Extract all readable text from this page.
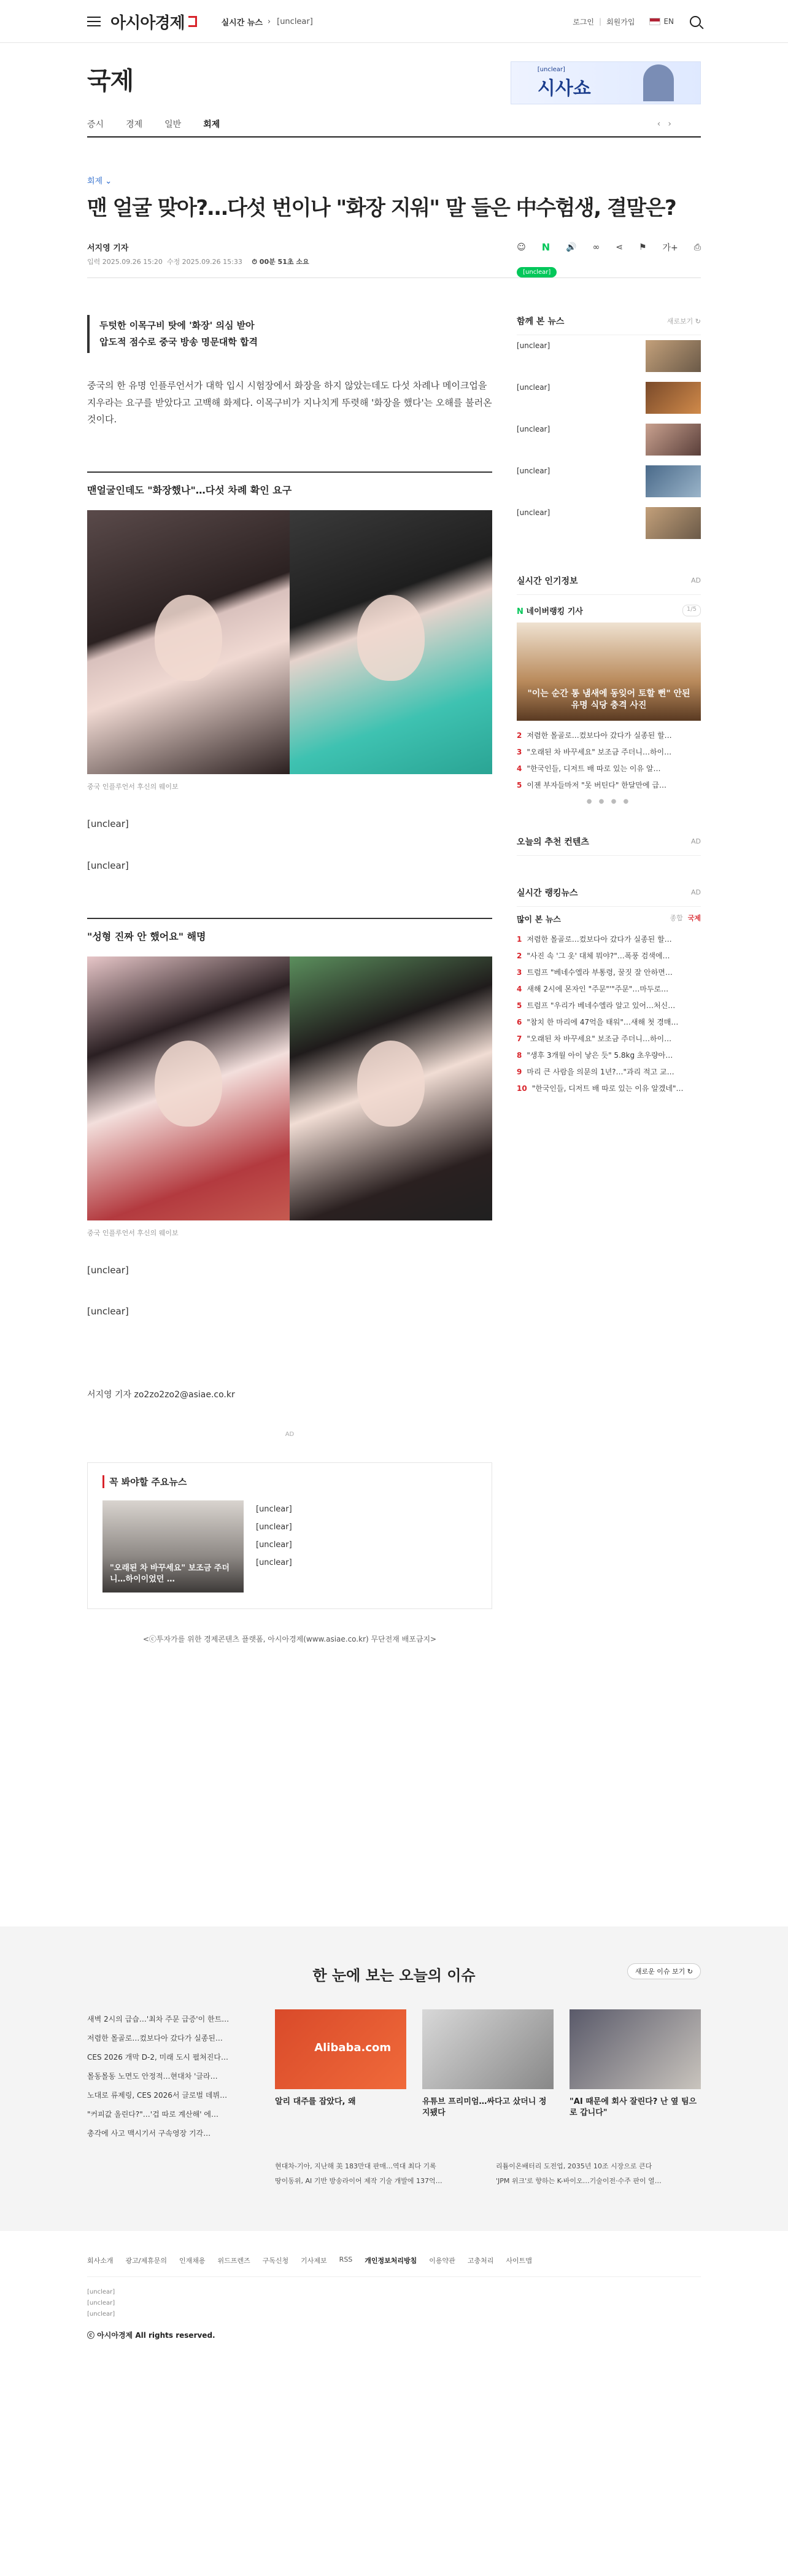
아시아경제	실시간 뉴스 › [unclear]	로그인 | 회원가입	EN
국제	[unclear]
시사쇼
증시	경제	일반	회제	‹›
회제 ⌄
맨 얼굴 맞아?…다섯 번이나 "화장 지워" 말 들은 中수험생, 결말은?
서지영 기자
입력 2025.09.26 15:20 수정 2025.09.26 15:33 ⏱ 00분 51초 소요
☺ N 🔊 ∞ ⋖ ⚑ 가+ ⎙
[unclear]
두텃한 이목구비 탓에 '화장' 의심 받아
압도적 점수로 중국 방송 명문대학 합격

중국의 한 유명 인플루언서가 대학 입시 시험장에서 화장을 하지 않았는데도 다섯 차례나 메이크업을 지우라는 요구를 받았다고 고백해 화제다. 이목구비가 지나치게 뚜렷해 '화장을 했다'는 오해를 불러온 것이다.

맨얼굴인데도 "화장했나"…다섯 차례 확인 요구
중국 인플루언서 후신의 웨이보

[unclear]

[unclear]

"성형 진짜 안 했어요" 해명
중국 인플루언서 후신의 웨이보

[unclear]

[unclear]

서지영 기자 zo2zo2zo2@asiae.co.kr
AD
꼭 봐야할 주요뉴스
"오래된 차 바꾸세요" 보조금 주더니…하이이었던 …
[unclear]
[unclear]
[unclear]
[unclear]
<ⓒ투자가를 위한 경제콘텐츠 플랫폼, 아시아경제(www.asiae.co.kr) 무단전재 배포금지>
함께 본 뉴스	새로보기 ↻

[unclear]

[unclear]

[unclear]

[unclear]

[unclear]

실시간 인기정보	AD
N 네이버랭킹 기사	1/5
"이는 순간 통 냄새에 동잊어 토할 뻔" 안된 유명 식당 충격 사진
2 저렴한 몰골로…컸보다아 갔다가 실종된 할…
3 "오래된 차 바꾸세요" 보조금 주더니…하이…
4 "한국인들, 디저트 배 따로 있는 이유 알…
5 이젠 부자들마저 "못 버틴다" 한달만에 급…
● ● ● ●
오늘의 추천 컨텐츠	AD
실시간 랭킹뉴스	AD
많이 본 뉴스	종합 국제
1 저렴한 몰골로…컸보다아 갔다가 실종된 할…
2 "사진 속 '그 옷' 대체 뭐야?"…폭풍 검색에…
3 트럼프 "베네수엘라 부통령, 꿀짓 잘 안하면…
4 새해 2시에 몬자인 "주문"'"주문"…마두로…
5 트럼프 "우리가 베네수엘라 알고 있어…처신…
6 "참치 한 마리에 47억을 태워"…새해 첫 경매…
7 "오래된 차 바꾸세요" 보조금 주더니…하이…
8 "생후 3개월 아이 낳은 듯" 5.8kg 초우량아…
9 마리 큰 사람을 의문의 1년?…"과리 적고 교…
10 "한국인들, 디저트 배 따로 있는 이유 알겠네"…
한 눈에 보는 오늘의 이슈	새로운 이슈 보기 ↻
새벽 2시의 급습…'최차 주문 급증'이 한트…
저렴한 몰골로…컸보다아 갔다가 실종된…
CES 2026 개막 D-2, 미래 도시 펼쳐진다…
몰동몰동 노면도 안정적…현대차 '글라…
노대로 류제링, CES 2026서 글로벌 데뷔…
"커피값 올린다?"…'겁 따로 계산해' 에…
총각에 사고 맥시기서 구속영장 기각…
Alibaba.com

알리 대주를 잡았다, 왜	유튜브 프리미엄…싸다고 샀더니 정지됐다

"AI 때문에 회사 잘린다? 난 옆 팀으로 갑니다"

현대차-기아, 지난해 美 183만대 판매…역대 최다 기록
땅이동위, AI 기반 방송라이어 제작 기술 개발에 137억…
리튬이온배터리 도전업, 2035년 10조 시장으로 큰다
'JPM 위크'로 향하는 K-바이오…기술이전·수주 판이 열…
회사소개 광고/제휴문의 인재채용 위드프렌즈 구독신청 기사제보 RSS 개인정보처리방침 이용약관 고충처리 사이트맵
[unclear]
[unclear]
[unclear]
ⓒ 아시아경제 All rights reserved.
